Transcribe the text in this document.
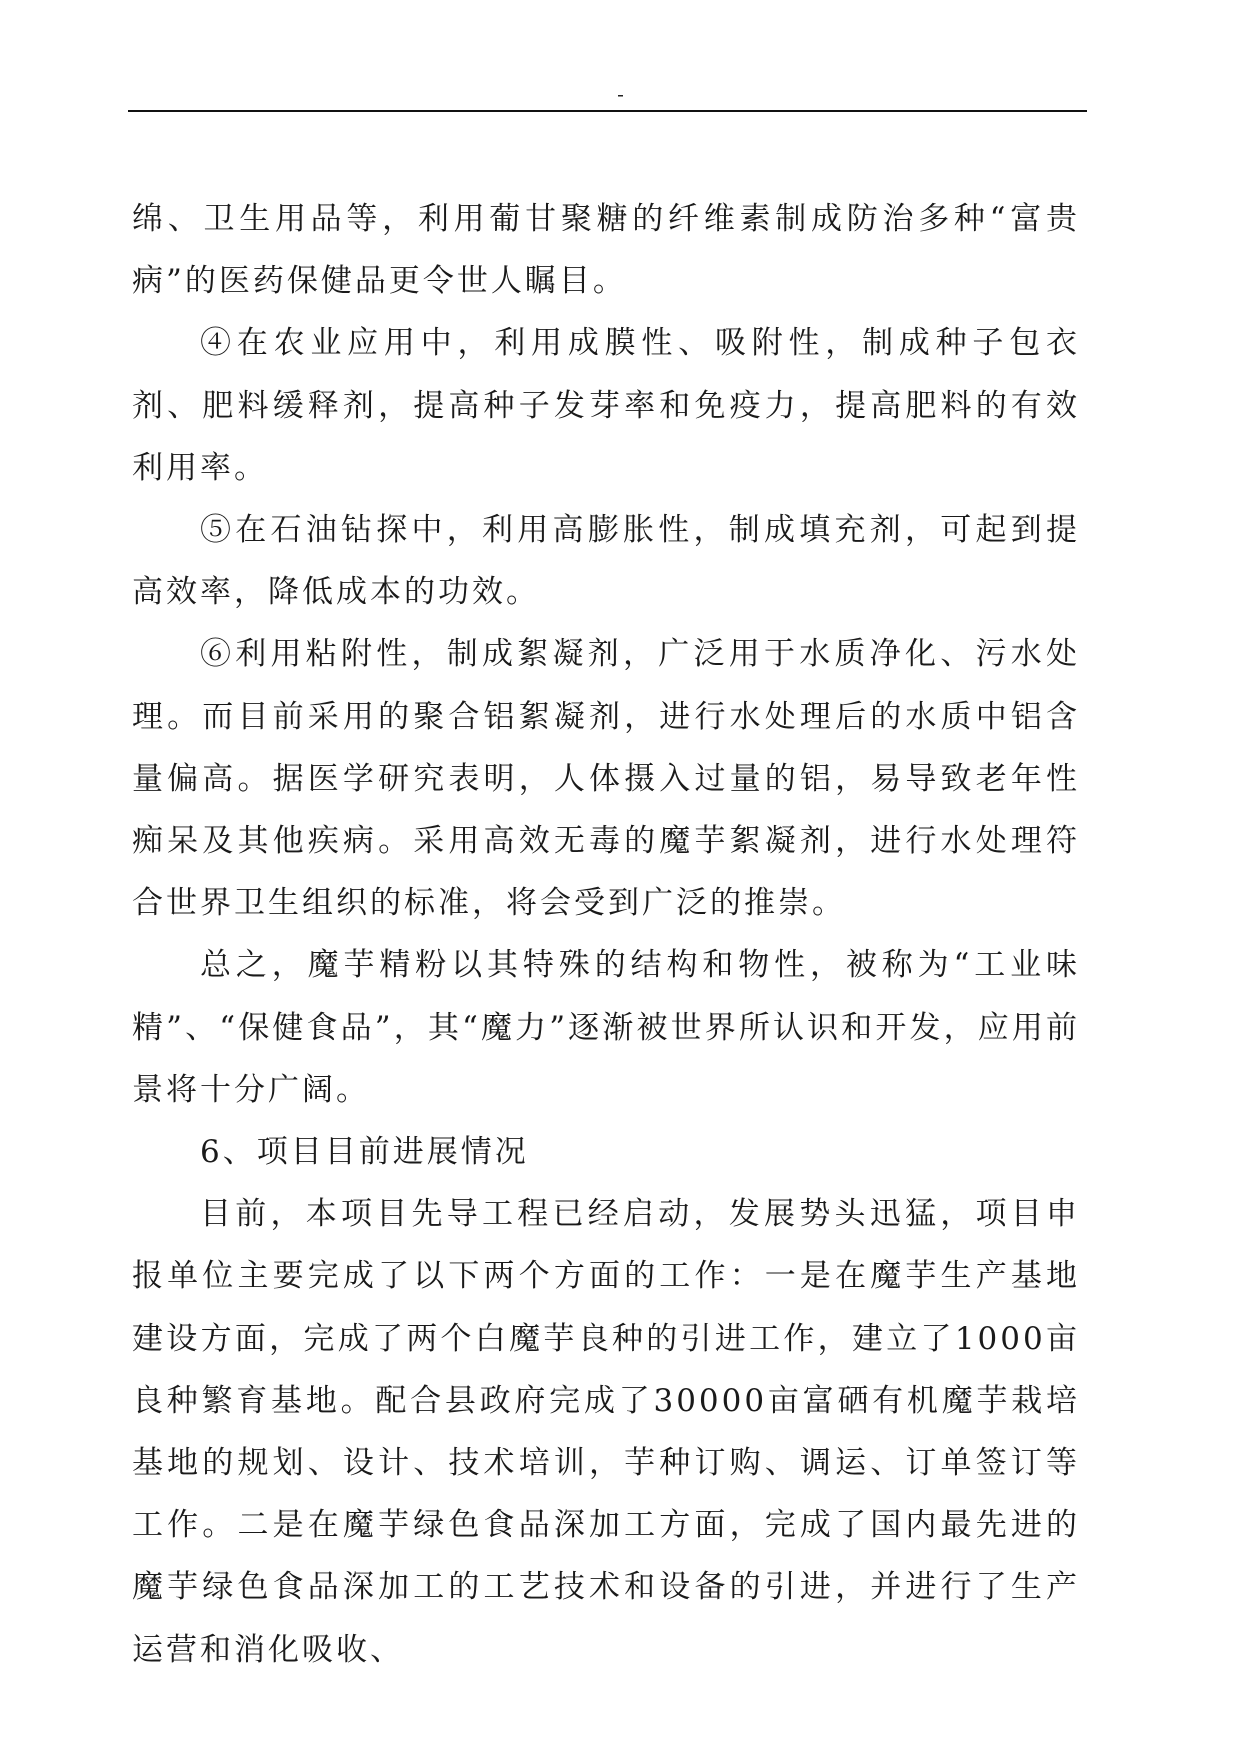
-

绵、卫生用品等，利用葡甘聚糖的纤维素制成防治多种“富贵病”的医药保健品更令世人瞩目。

④在农业应用中，利用成膜性、吸附性，制成种子包衣剂、肥料缓释剂，提高种子发芽率和免疫力，提高肥料的有效利用率。

⑤在石油钻探中，利用高膨胀性，制成填充剂，可起到提高效率，降低成本的功效。

⑥利用粘附性，制成絮凝剂，广泛用于水质净化、污水处理。而目前采用的聚合铝絮凝剂，进行水处理后的水质中铝含量偏高。据医学研究表明，人体摄入过量的铝，易导致老年性痴呆及其他疾病。采用高效无毒的魔芋絮凝剂，进行水处理符合世界卫生组织的标准，将会受到广泛的推崇。

总之，魔芋精粉以其特殊的结构和物性，被称为“工业味精”、“保健食品”，其“魔力”逐渐被世界所认识和开发，应用前景将十分广阔。

6、项目目前进展情况

目前，本项目先导工程已经启动，发展势头迅猛，项目申报单位主要完成了以下两个方面的工作：一是在魔芋生产基地建设方面，完成了两个白魔芋良种的引进工作，建立了1000亩良种繁育基地。配合县政府完成了30000亩富硒有机魔芋栽培基地的规划、设计、技术培训，芋种订购、调运、订单签订等工作。二是在魔芋绿色食品深加工方面，完成了国内最先进的魔芋绿色食品深加工的工艺技术和设备的引进，并进行了生产运营和消化吸收、
